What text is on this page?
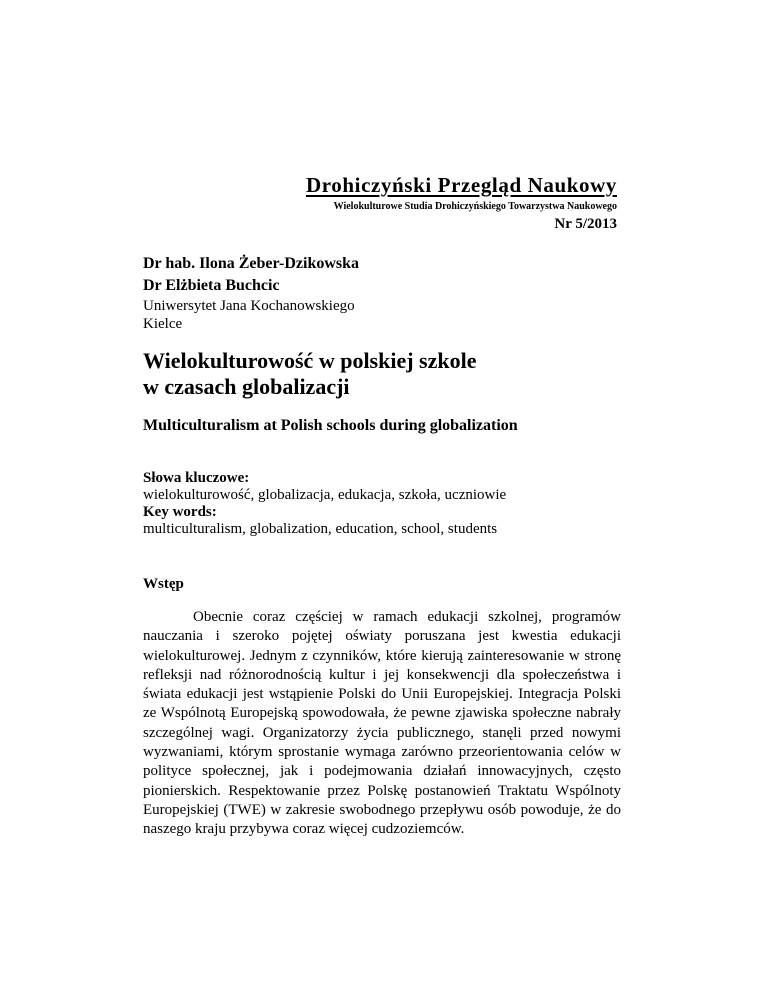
Drohiczyński Przegląd Naukowy
Wielokulturowe Studia Drohiczyńskiego Towarzystwa Naukowego
Nr 5/2013
Dr hab. Ilona Żeber-Dzikowska
Dr Elżbieta Buchcic
Uniwersytet Jana Kochanowskiego
Kielce
Wielokulturowość w polskiej szkole
w czasach globalizacji
Multiculturalism at Polish schools during globalization
Słowa kluczowe:
wielokulturowość, globalizacja, edukacja, szkoła, uczniowie
Key words:
multiculturalism, globalization, education, school, students
Wstęp

Obecnie coraz częściej w ramach edukacji szkolnej, programów nauczania i szeroko pojętej oświaty poruszana jest kwestia edukacji wielokulturowej. Jednym z czynników, które kierują zainteresowanie w stronę refleksji nad różnorodnością kultur i jej konsekwencji dla społeczeństwa i świata edukacji jest wstąpienie Polski do Unii Europejskiej. Integracja Polski ze Wspólnotą Europejską spowodowała, że pewne zjawiska społeczne nabrały szczególnej wagi. Organizatorzy życia publicznego, stanęli przed nowymi wyzwaniami, którym sprostanie wymaga zarówno przeorientowania celów w polityce społecznej, jak i podejmowania działań innowacyjnych, często pionierskich. Respektowanie przez Polskę postanowień Traktatu Wspólnoty Europejskiej (TWE) w zakresie swobodnego przepływu osób powoduje, że do naszego kraju przybywa coraz więcej cudzoziemców.
